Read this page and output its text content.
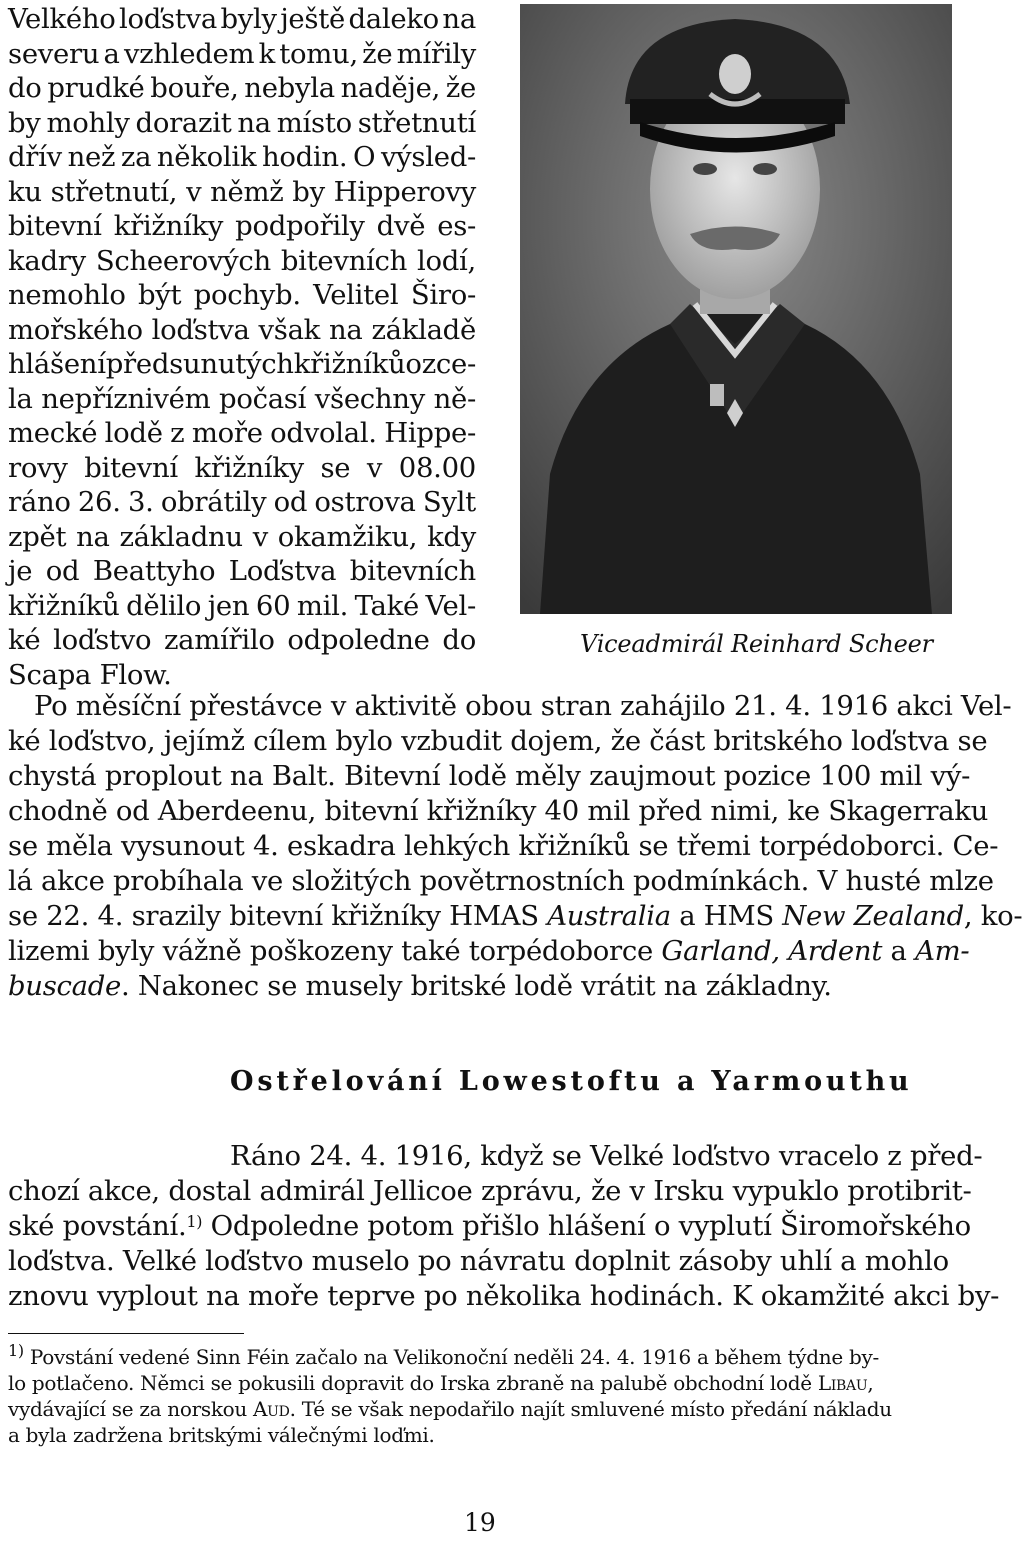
Velkého loďstva byly ještě daleko na
severu a vzhledem k tomu, že mířily
do prudké bouře, nebyla naděje, že
by mohly dorazit na místo střetnutí
dřív než za několik hodin. O výsled-
ku střetnutí, v němž by Hipperovy
bitevní křižníky podpořily dvě es-
kadry Scheerových bitevních lodí,
nemohlo být pochyb. Velitel Širo-
mořského loďstva však na základě
hlášení předsunutých křižníků o zce-
la nepříznivém počasí všechny ně-
mecké lodě z moře odvolal. Hippe-
rovy bitevní křižníky se v 08.00
ráno 26. 3. obrátily od ostrova Sylt
zpět na základnu v okamžiku, kdy
je od Beattyho Loďstva bitevních
křižníků dělilo jen 60 mil. Také Vel-
ké loďstvo zamířilo odpoledne do
Scapa Flow.
Viceadmirál Reinhard Scheer
Po měsíční přestávce v aktivitě obou stran zahájilo 21. 4. 1916 akci Vel-
ké loďstvo, jejímž cílem bylo vzbudit dojem, že část britského loďstva se
chystá proplout na Balt. Bitevní lodě měly zaujmout pozice 100 mil vý-
chodně od Aberdeenu, bitevní křižníky 40 mil před nimi, ke Skagerraku
se měla vysunout 4. eskadra lehkých křižníků se třemi torpédoborci. Ce-
lá akce probíhala ve složitých povětrnostních podmínkách. V husté mlze
se 22. 4. srazily bitevní křižníky HMAS Australia a HMS New Zealand, ko-
lizemi byly vážně poškozeny také torpédoborce Garland, Ardent a Am-
buscade. Nakonec se musely britské lodě vrátit na základny.
Ostřelování Lowestoftu a Yarmouthu
Ráno 24. 4. 1916, když se Velké loďstvo vracelo z před-
chozí akce, dostal admirál Jellicoe zprávu, že v Irsku vypuklo protibrit-
ské povstání.$^{1)}$ Odpoledne potom přišlo hlášení o vyplutí Širomořského
loďstva. Velké loďstvo muselo po návratu doplnit zásoby uhlí a mohlo
znovu vyplout na moře teprve po několika hodinách. K okamžité akci by-
$^{1)}$ Povstání vedené Sinn Féin začalo na Velikonoční neděli 24. 4. 1916 a během týdne by-
lo potlačeno. Němci se pokusili dopravit do Irska zbraně na palubě obchodní lodě Libau,
vydávající se za norskou Aud. Té se však nepodařilo najít smluvené místo předání nákladu
a byla zadržena britskými válečnými loďmi.
19
